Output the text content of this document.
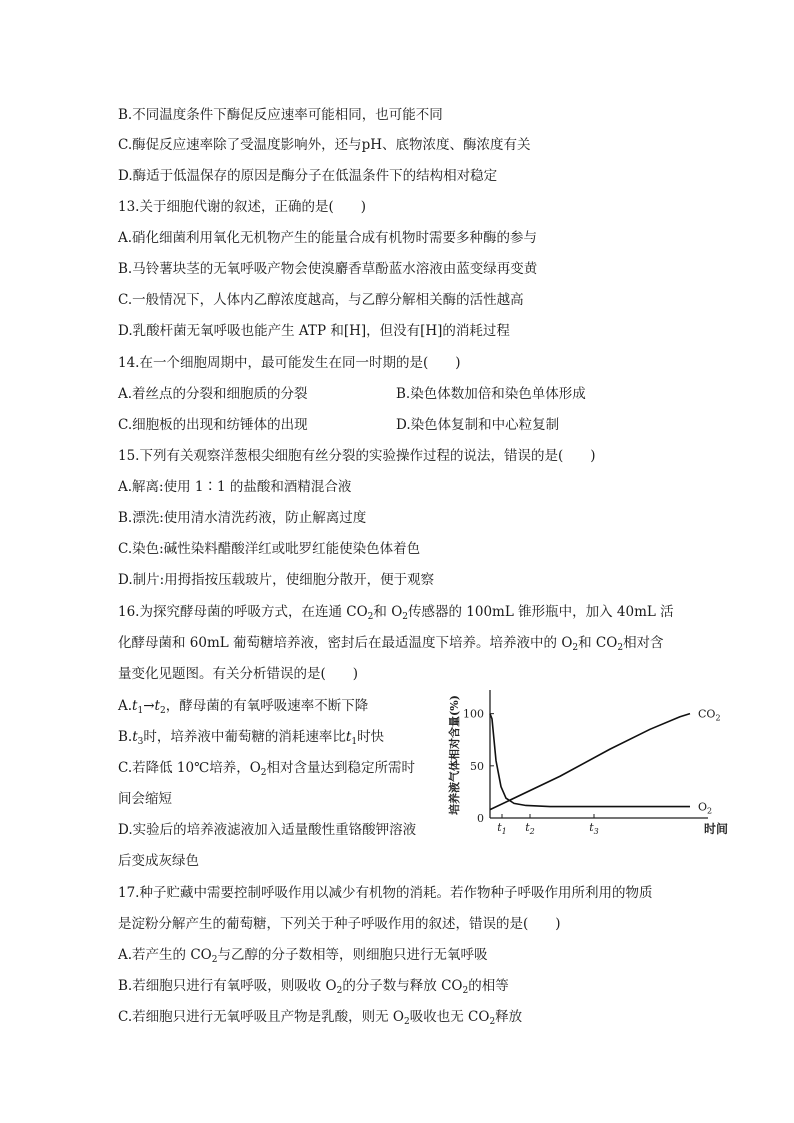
B.不同温度条件下酶促反应速率可能相同，也可能不同
C.酶促反应速率除了受温度影响外，还与pH、底物浓度、酶浓度有关
D.酶适于低温保存的原因是酶分子在低温条件下的结构相对稳定
13.关于细胞代谢的叙述，正确的是(　　)
A.硝化细菌利用氧化无机物产生的能量合成有机物时需要多种酶的参与
B.马铃薯块茎的无氧呼吸产物会使溴麝香草酚蓝水溶液由蓝变绿再变黄
C.一般情况下，人体内乙醇浓度越高，与乙醇分解相关酶的活性越高
D.乳酸杆菌无氧呼吸也能产生 ATP 和[H]，但没有[H]的消耗过程
14.在一个细胞周期中，最可能发生在同一时期的是(　　)
A.着丝点的分裂和细胞质的分裂	B.染色体数加倍和染色单体形成
C.细胞板的出现和纺锤体的出现	D.染色体复制和中心粒复制
15.下列有关观察洋葱根尖细胞有丝分裂的实验操作过程的说法，错误的是(　　)
A.解离:使用 1∶1 的盐酸和酒精混合液
B.漂洗:使用清水清洗药液，防止解离过度
C.染色:碱性染料醋酸洋红或吡罗红能使染色体着色
D.制片:用拇指按压载玻片，使细胞分散开，便于观察
16.为探究酵母菌的呼吸方式，在连通 $CO_2$和 $O_2$传感器的 100mL 锥形瓶中，加入 40mL 活
化酵母菌和 60mL 葡萄糖培养液，密封后在最适温度下培养。培养液中的 $O_2$和 $CO_2$相对含
量变化见题图。有关分析错误的是(　　)
$A.t_1\to t_2$，酵母菌的有氧呼吸速率不断下降
$B.t_3$时，培养液中葡萄糖的消耗速率比$t_1$时快
C.若降低 10℃培养，$O_2$相对含量达到稳定所需时
间会缩短
D.实验后的培养液滤液加入适量酸性重铬酸钾溶液
后变成灰绿色
0
50
100
培养液气体相对含量(%)
时间
$t_1$ $t_2$	$t_3$
$CO_2$
$O_2$
17.种子贮藏中需要控制呼吸作用以减少有机物的消耗。若作物种子呼吸作用所利用的物质
是淀粉分解产生的葡萄糖，下列关于种子呼吸作用的叙述，错误的是(　　)
A.若产生的 $CO_2$与乙醇的分子数相等，则细胞只进行无氧呼吸
B.若细胞只进行有氧呼吸，则吸收 $O_2$的分子数与释放 $CO_2$的相等
C.若细胞只进行无氧呼吸且产物是乳酸，则无 $O_2$吸收也无 $CO_2$释放
